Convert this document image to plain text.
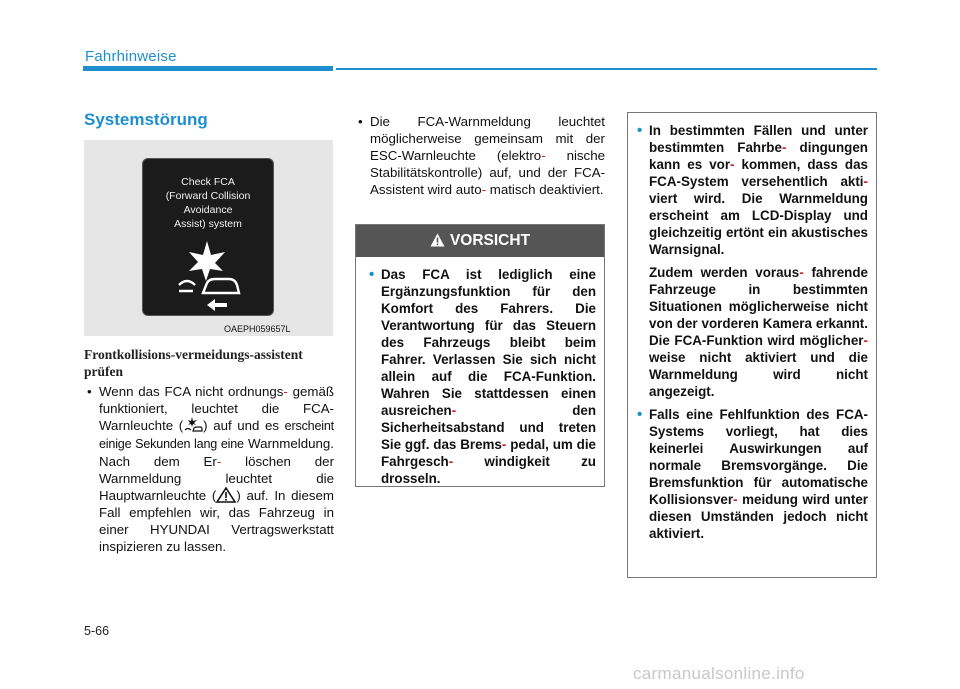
Fahrhinweise
Systemstörung
Check FCA
(Forward Collision
Avoidance
Assist) system
OAEPH059657L
Frontkollisions-vermeidungs-assistent prüfen
• Wenn das FCA nicht ordnungs- gemäß funktioniert, leuchtet die FCA-Warnleuchte ( ) auf und es erscheint einige Sekunden lang eine Warnmeldung. Nach dem Er- löschen der Warnmeldung leuchtet die Hauptwarnleuchte ( ) auf. In diesem Fall empfehlen wir, das Fahrzeug in einer HYUNDAI Vertragswerkstatt inspizieren zu lassen.
• Die FCA-Warnmeldung leuchtet möglicherweise gemeinsam mit der ESC-Warnleuchte (elektro- nische Stabilitätskontrolle) auf, und der FCA-Assistent wird auto- matisch deaktiviert.
VORSICHT
• Das FCA ist lediglich eine Ergänzungsfunktion für den Komfort des Fahrers. Die Verantwortung für das Steuern des Fahrzeugs bleibt beim Fahrer. Verlassen Sie sich nicht allein auf die FCA-Funktion. Wahren Sie stattdessen einen ausreichen-	den Sicherheitsabstand und treten Sie ggf. das Brems- pedal, um die Fahrgesch- windigkeit zu drosseln.
• In bestimmten Fällen und unter bestimmten Fahrbe- dingungen kann es vor- kommen, dass das FCA-System versehentlich akti- viert wird. Die Warnmeldung erscheint am LCD-Display und gleichzeitig ertönt ein akustisches Warnsignal.
Zudem werden voraus- fahrende Fahrzeuge in bestimmten Situationen möglicherweise nicht von der vorderen Kamera erkannt. Die FCA-Funktion wird möglicher- weise nicht aktiviert und die Warnmeldung wird nicht angezeigt.
• Falls eine Fehlfunktion des FCA-Systems vorliegt, hat dies keinerlei Auswirkungen auf normale Bremsvorgänge. Die Bremsfunktion für automatische Kollisionsver- meidung wird unter diesen Umständen jedoch nicht aktiviert.
5-66
carmanualsonline.info
